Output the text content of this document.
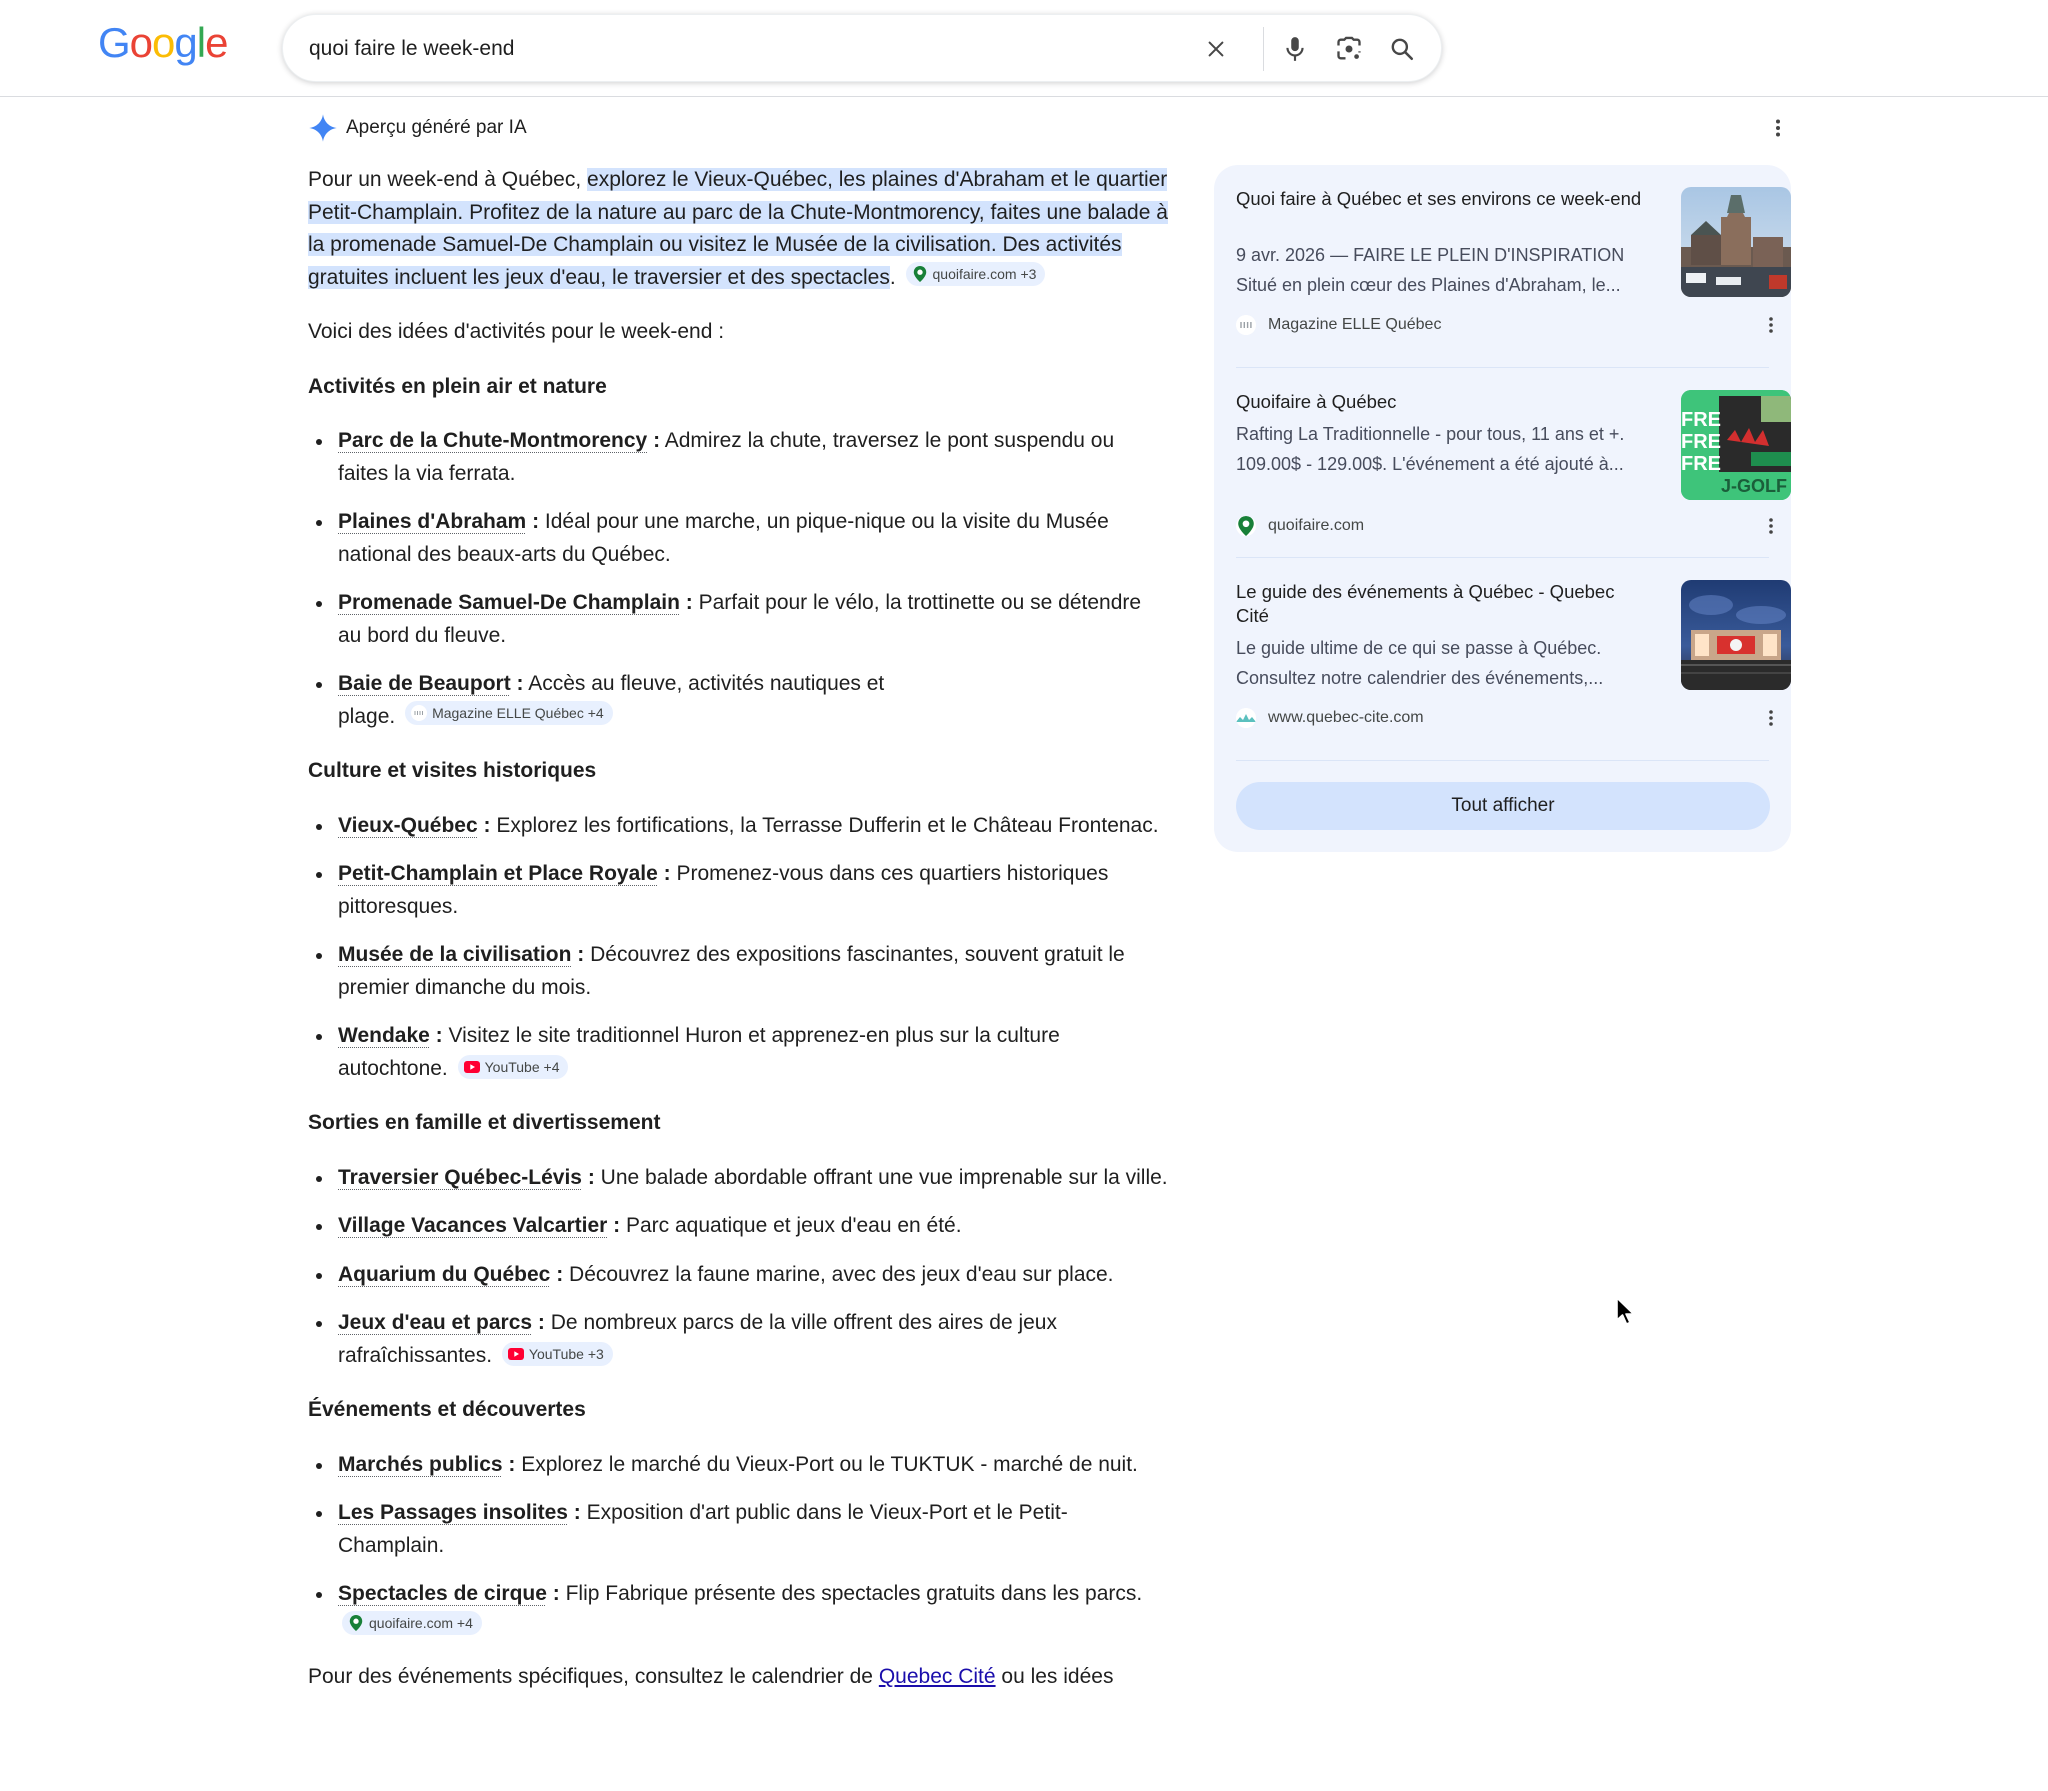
Google
quoi faire le week-end
Aperçu généré par IA

Pour un week-end à Québec, explorez le Vieux-Québec, les plaines d'Abraham et le quartier Petit-Champlain. Profitez de la nature au parc de la Chute-Montmorency, faites une balade à la promenade Samuel-De Champlain ou visitez le Musée de la civilisation. Des activités gratuites incluent les jeux d'eau, le traversier et des spectacles.	quoifaire.com +3

Voici des idées d'activités pour le week-end :

Activités en plein air et nature
Parc de la Chute-Montmorency : Admirez la chute, traversez le pont suspendu ou faites la via ferrata.
Plaines d'Abraham : Idéal pour une marche, un pique-nique ou la visite du Musée national des beaux-arts du Québec.
Promenade Samuel-De Champlain : Parfait pour le vélo, la trottinette ou se détendre au bord du fleuve.
Baie de Beauport : Accès au fleuve, activités nautiques et plage.	Magazine ELLE Québec +4
Culture et visites historiques
Vieux-Québec : Explorez les fortifications, la Terrasse Dufferin et le Château Frontenac.
Petit-Champlain et Place Royale : Promenez-vous dans ces quartiers historiques pittoresques.
Musée de la civilisation : Découvrez des expositions fascinantes, souvent gratuit le premier dimanche du mois.
Wendake : Visitez le site traditionnel Huron et apprenez-en plus sur la culture autochtone.	YouTube +4
Sorties en famille et divertissement
Traversier Québec-Lévis : Une balade abordable offrant une vue imprenable sur la ville.
Village Vacances Valcartier : Parc aquatique et jeux d'eau en été.
Aquarium du Québec : Découvrez la faune marine, avec des jeux d'eau sur place.
Jeux d'eau et parcs : De nombreux parcs de la ville offrent des aires de jeux rafraîchissantes.	YouTube +3
Événements et découvertes
Marchés publics : Explorez le marché du Vieux-Port ou le TUKTUK - marché de nuit.
Les Passages insolites : Exposition d'art public dans le Vieux-Port et le Petit-Champlain.
Spectacles de cirque : Flip Fabrique présente des spectacles gratuits dans les parcs.
quoifaire.com +4

Pour des événements spécifiques, consultez le calendrier de Quebec Cité ou les idées

Quoi faire à Québec et ses environs ce week-end
9 avr. 2026 — FAIRE LE PLEIN D'INSPIRATION
Situé en plein cœur des Plaines d'Abraham, le...
Magazine ELLE Québec
Quoifaire à Québec
Rafting La Traditionnelle - pour tous, 11 ans et +.
109.00$ - 129.00$. L'événement a été ajouté à...
FRE
FRE
FRE
J-GOLF
quoifaire.com
Le guide des événements à Québec - Quebec Cité
Le guide ultime de ce qui se passe à Québec.
Consultez notre calendrier des événements,...
www.quebec-cite.com
Tout afficher
